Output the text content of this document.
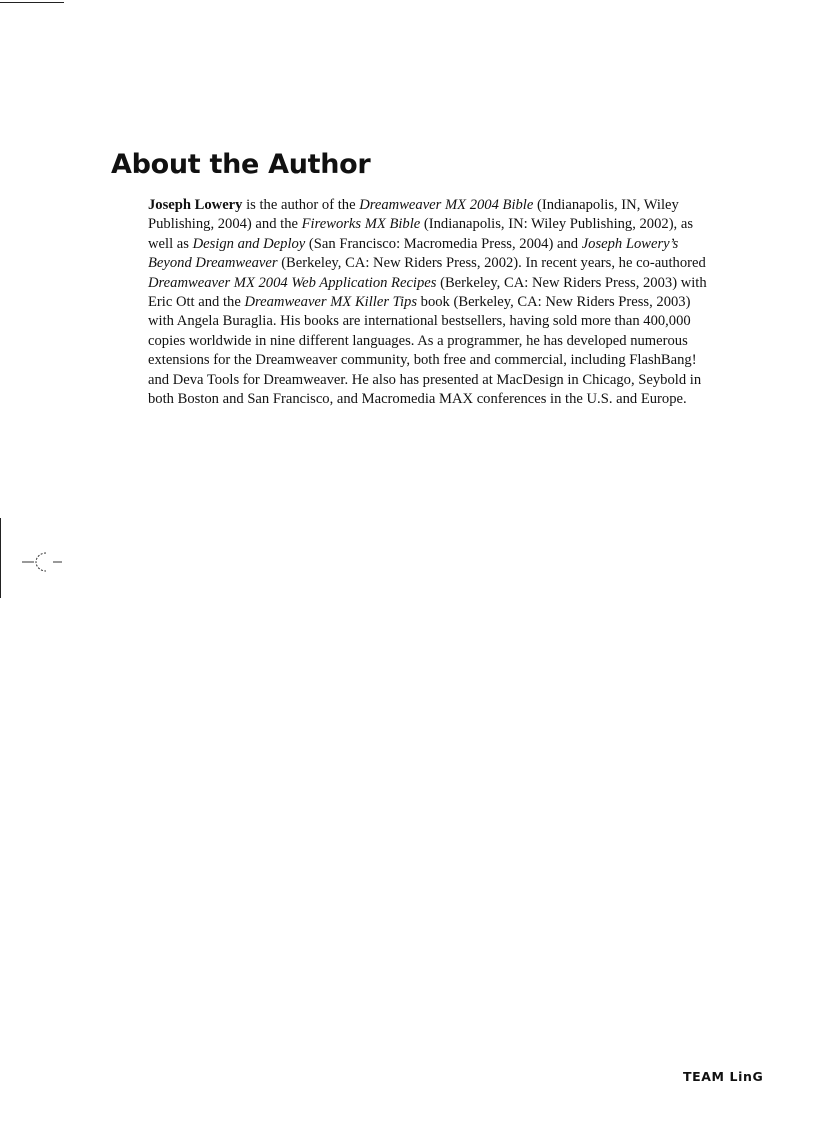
About the Author

Joseph Lowery is the author of the Dreamweaver MX 2004 Bible (Indianapolis, IN, Wiley Publishing, 2004) and the Fireworks MX Bible (Indianapolis, IN: Wiley Publishing, 2002), as well as Design and Deploy (San Francisco: Macromedia Press, 2004) and Joseph Lowery’s Beyond Dreamweaver (Berkeley, CA: New Riders Press, 2002). In recent years, he co-authored Dreamweaver MX 2004 Web Application Recipes (Berkeley, CA: New Riders Press, 2003) with Eric Ott and the Dreamweaver MX Killer Tips book (Berkeley, CA: New Riders Press, 2003) with Angela Buraglia. His books are international bestsellers, having sold more than 400,000 copies worldwide in nine different languages. As a programmer, he has developed numerous extensions for the Dreamweaver community, both free and commercial, including FlashBang! and Deva Tools for Dreamweaver. He also has presented at MacDesign in Chicago, Seybold in both Boston and San Francisco, and Macromedia MAX conferences in the U.S. and Europe.

TEAM LinG
